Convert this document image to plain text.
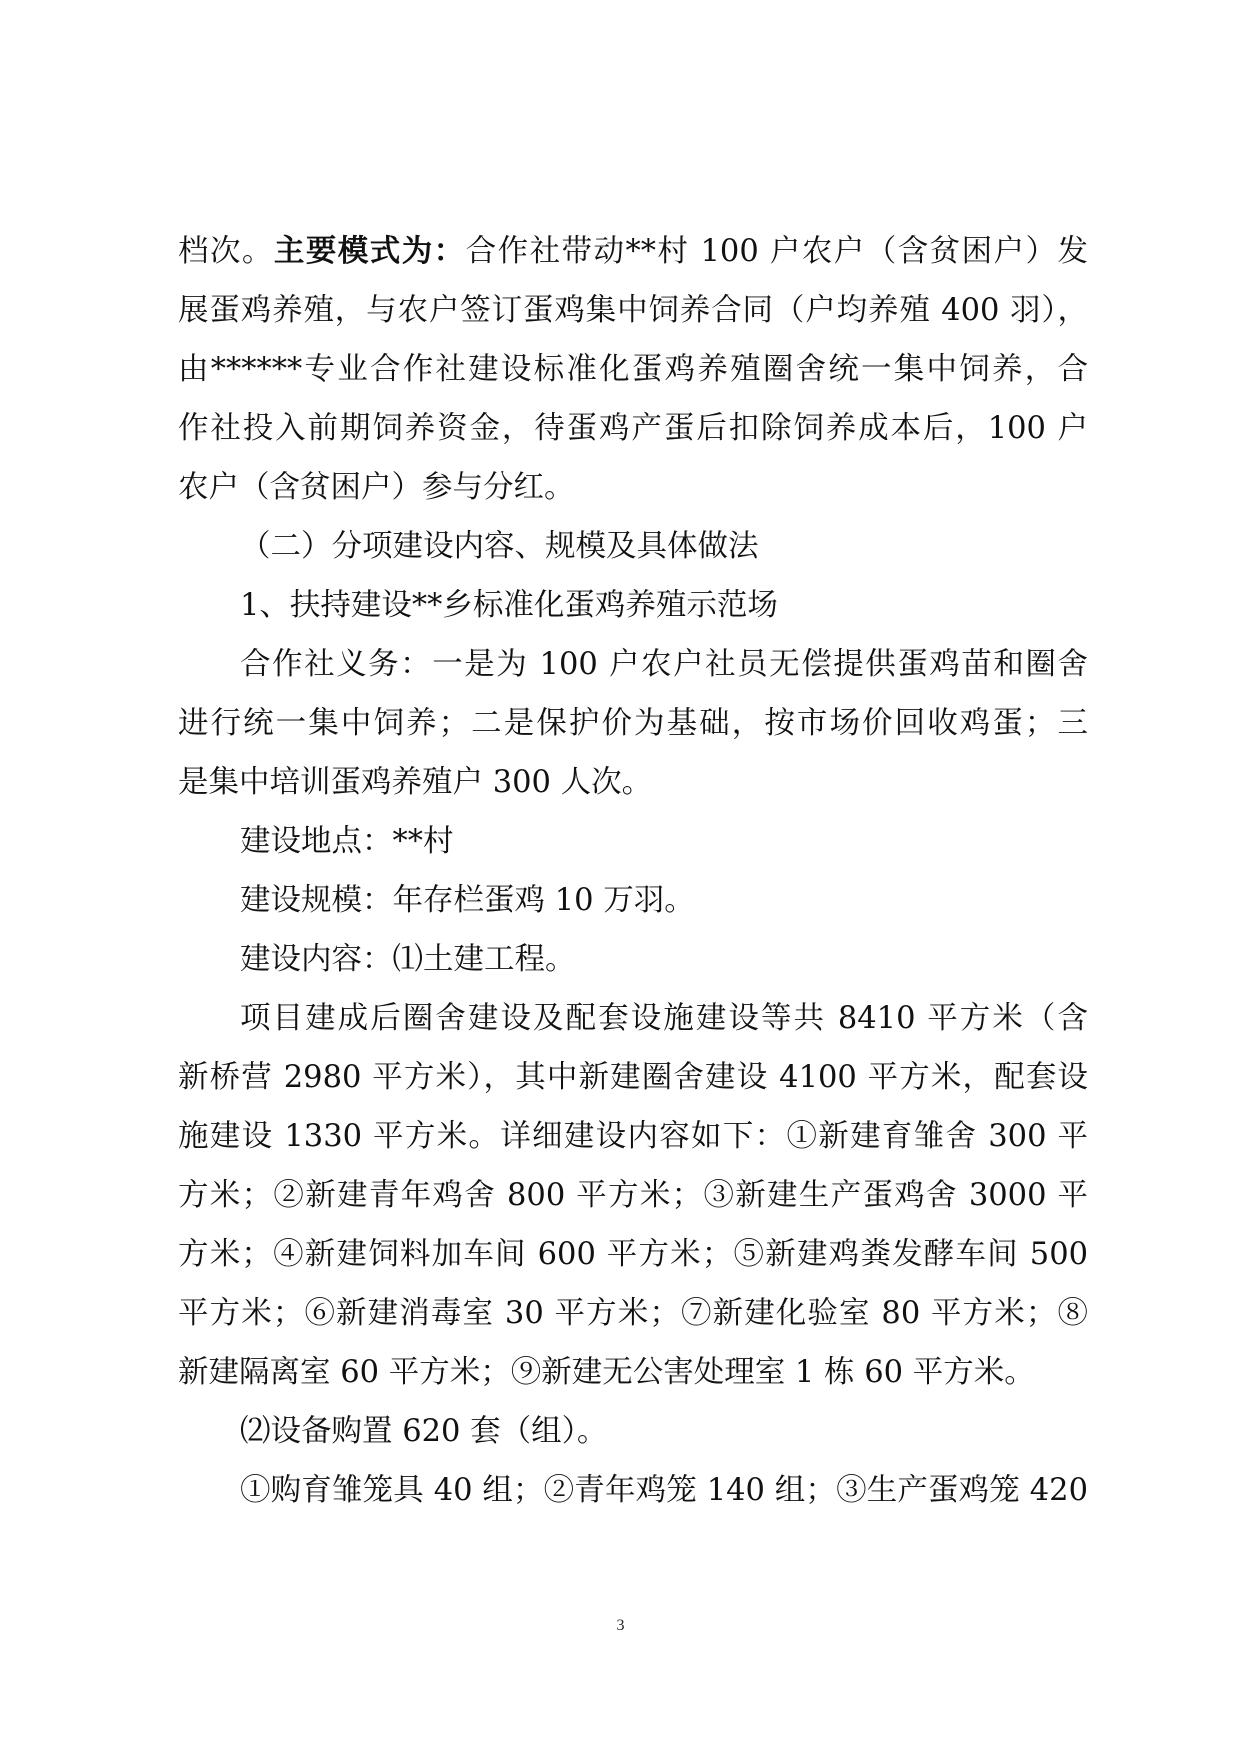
档次。主要模式为：合作社带动**村 100 户农户（含贫困户）发
展蛋鸡养殖，与农户签订蛋鸡集中饲养合同（户均养殖 400 羽），
由******专业合作社建设标准化蛋鸡养殖圈舍统一集中饲养，合
作社投入前期饲养资金，待蛋鸡产蛋后扣除饲养成本后，100 户
农户（含贫困户）参与分红。
（二）分项建设内容、规模及具体做法
1、扶持建设**乡标准化蛋鸡养殖示范场
合作社义务：一是为 100 户农户社员无偿提供蛋鸡苗和圈舍
进行统一集中饲养；二是保护价为基础，按市场价回收鸡蛋；三
是集中培训蛋鸡养殖户 300 人次。
建设地点：**村
建设规模：年存栏蛋鸡 10 万羽。
建设内容：⑴土建工程。
项目建成后圈舍建设及配套设施建设等共 8410 平方米（含
新桥营 2980 平方米），其中新建圈舍建设 4100 平方米，配套设
施建设 1330 平方米。详细建设内容如下：①新建育雏舍 300 平
方米；②新建青年鸡舍 800 平方米；③新建生产蛋鸡舍 3000 平
方米；④新建饲料加车间 600 平方米；⑤新建鸡粪发酵车间 500
平方米；⑥新建消毒室 30 平方米；⑦新建化验室 80 平方米；⑧
新建隔离室 60 平方米；⑨新建无公害处理室 1 栋 60 平方米。
⑵设备购置 620 套（组）。
①购育雏笼具 40 组；②青年鸡笼 140 组；③生产蛋鸡笼 420
3
